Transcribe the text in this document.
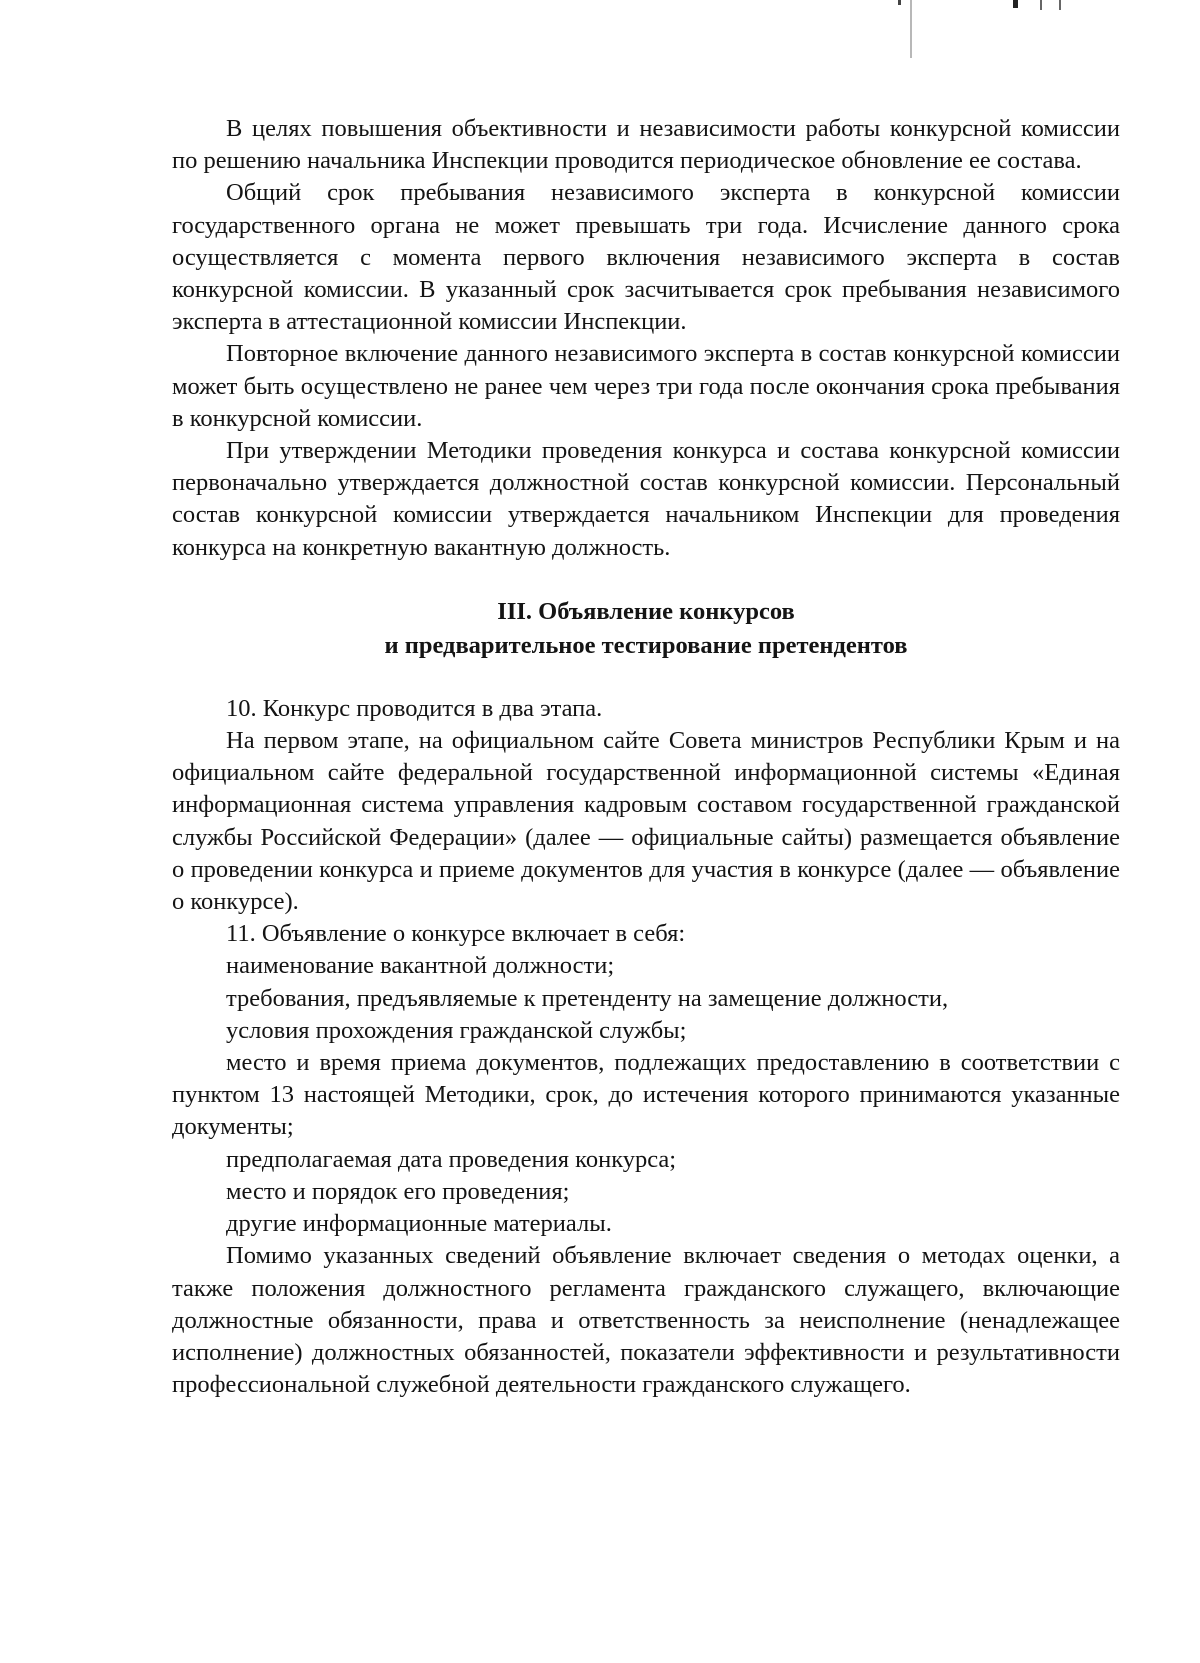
В целях повышения объективности и независимости работы конкурсной комиссии по решению начальника Инспекции проводится периодическое обновление ее состава.

Общий срок пребывания независимого эксперта в конкурсной комиссии государственного органа не может превышать три года. Исчисление данного срока осуществляется с момента первого включения независимого эксперта в состав конкурсной комиссии. В указанный срок засчитывается срок пребывания независимого эксперта в аттестационной комиссии Инспекции.

Повторное включение данного независимого эксперта в состав конкурсной комиссии может быть осуществлено не ранее чем через три года после окончания срока пребывания в конкурсной комиссии.

При утверждении Методики проведения конкурса и состава конкурсной комиссии первоначально утверждается должностной состав конкурсной комиссии. Персональный состав конкурсной комиссии утверждается начальником Инспекции для проведения конкурса на конкретную вакантную должность.

III. Объявление конкурсов
и предварительное тестирование претендентов

10. Конкурс проводится в два этапа.

На первом этапе, на официальном сайте Совета министров Республики Крым и на официальном сайте федеральной государственной информационной системы «Единая информационная система управления кадровым составом государственной гражданской службы Российской Федерации» (далее — официальные сайты) размещается объявление о проведении конкурса и приеме документов для участия в конкурсе (далее — объявление о конкурсе).

11. Объявление о конкурсе включает в себя:

наименование вакантной должности;

требования, предъявляемые к претенденту на замещение должности,

условия прохождения гражданской службы;

место и время приема документов, подлежащих предоставлению в соответствии с пунктом 13 настоящей Методики, срок, до истечения которого принимаются указанные документы;

предполагаемая дата проведения конкурса;

место и порядок его проведения;

другие информационные материалы.

Помимо указанных сведений объявление включает сведения о методах оценки, а также положения должностного регламента гражданского служащего, включающие должностные обязанности, права и ответственность за неисполнение (ненадлежащее исполнение) должностных обязанностей, показатели эффективности и результативности профессиональной служебной деятельности гражданского служащего.
